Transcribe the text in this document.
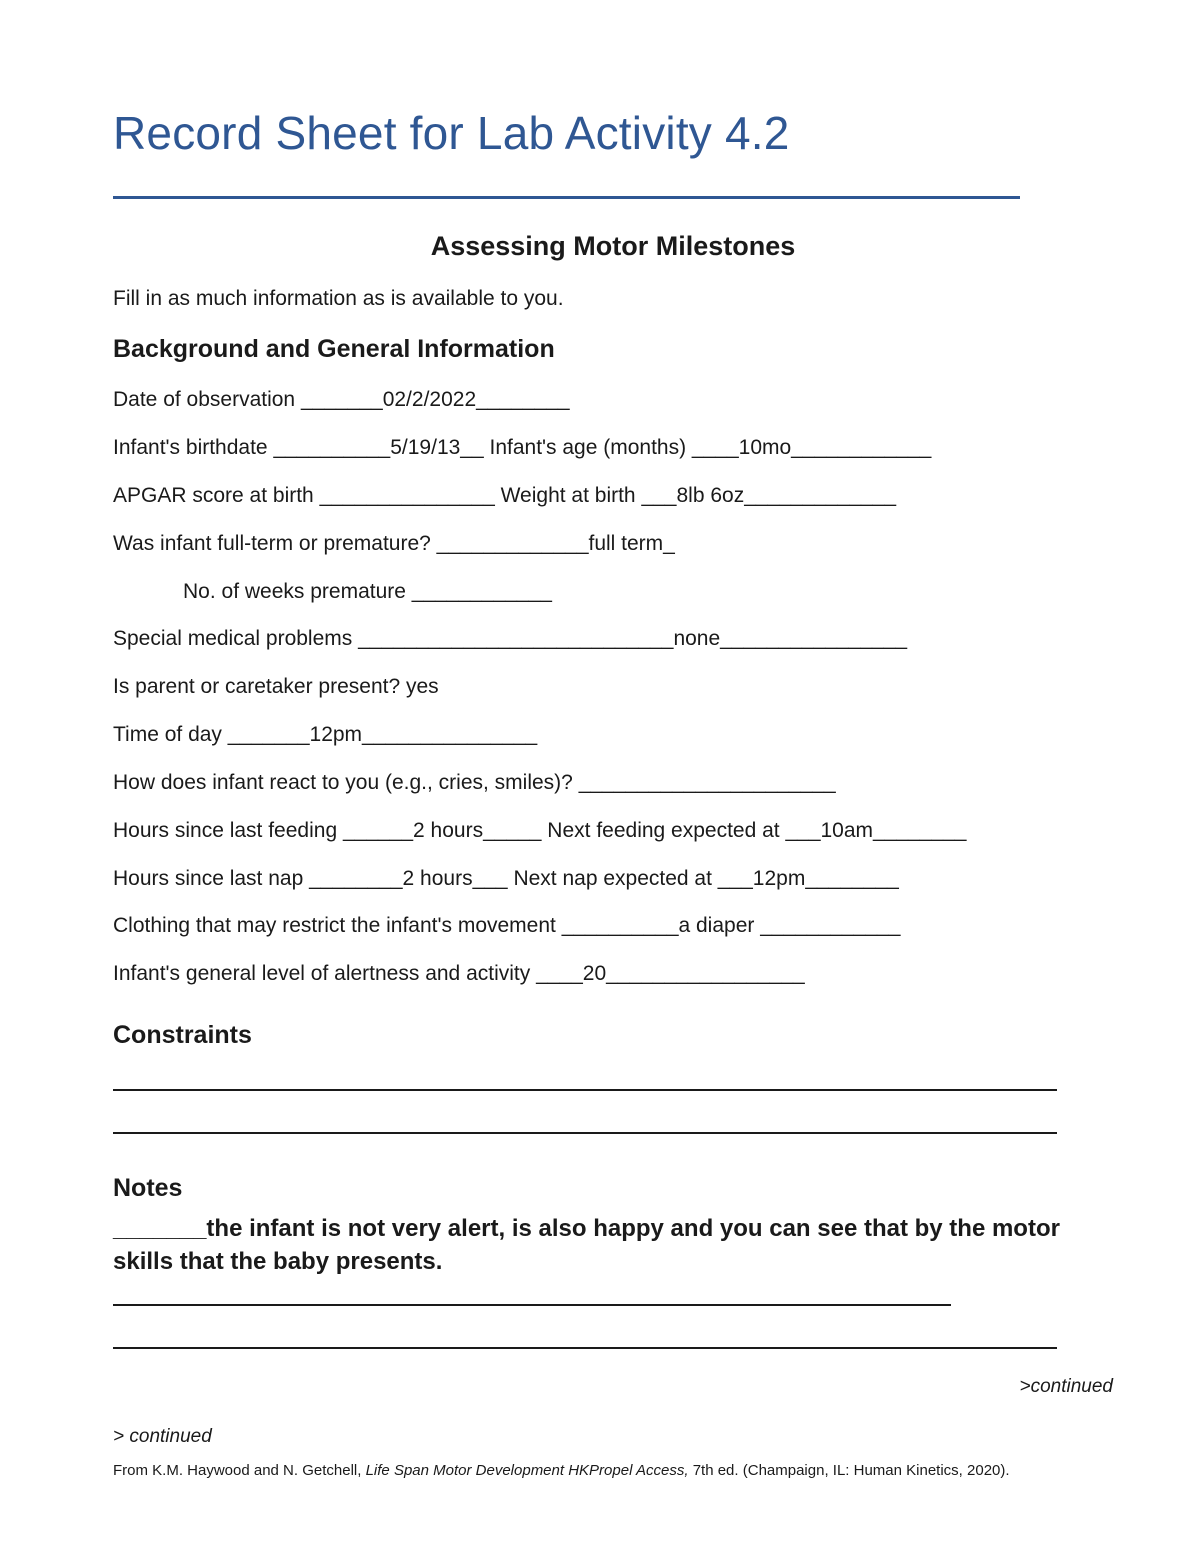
Record Sheet for Lab Activity 4.2
Assessing Motor Milestones
Fill in as much information as is available to you.
Background and General Information
Date of observation _______02/2/2022________
Infant's birthdate __________5/19/13__ Infant's age (months) ____10mo____________
APGAR score at birth _______________ Weight at birth ___8lb 6oz_____________
Was infant full-term or premature? _____________full term_
No. of weeks premature ____________
Special medical problems ___________________________none________________
Is parent or caretaker present? yes
Time of day _______12pm_______________
How does infant react to you (e.g., cries, smiles)? ______________________
Hours since last feeding ______2 hours_____ Next feeding expected at ___10am________
Hours since last nap ________2 hours___ Next nap expected at ___12pm________
Clothing that may restrict the infant's movement __________a diaper ____________
Infant's general level of alertness and activity ____20_________________
Constraints
Notes
_______the infant is not very alert, is also happy and you can see that by the motor skills that the baby presents.
>continued
> continued
From K.M. Haywood and N. Getchell, Life Span Motor Development HKPropel Access, 7th ed. (Champaign, IL: Human Kinetics, 2020).
